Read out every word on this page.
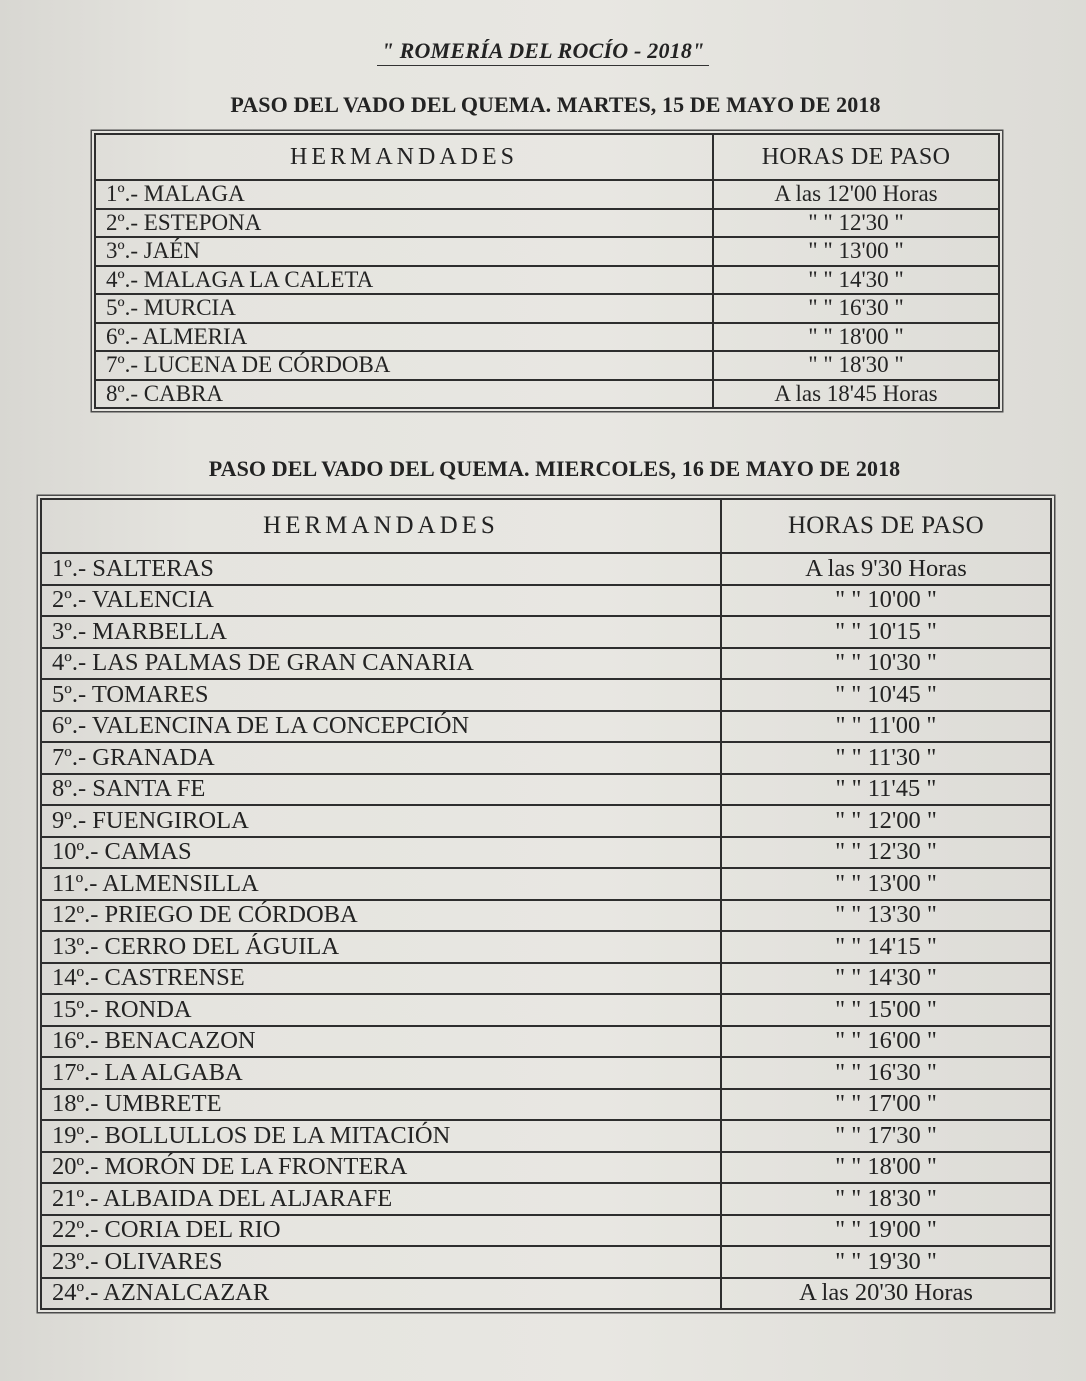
" ROMERÍA DEL ROCÍO - 2018"
PASO DEL VADO DEL QUEMA. MARTES, 15 DE MAYO DE 2018
HERMANDADES	HORAS DE PASO
1º.- MALAGA	A las 12'00 Horas
2º.- ESTEPONA	" " 12'30 "
3º.- JAÉN	" " 13'00 "
4º.- MALAGA LA CALETA	" " 14'30 "
5º.- MURCIA	" " 16'30 "
6º.- ALMERIA	" " 18'00 "
7º.- LUCENA DE CÓRDOBA	" " 18'30 "
8º.- CABRA	A las 18'45 Horas
PASO DEL VADO DEL QUEMA. MIERCOLES, 16 DE MAYO DE 2018
HERMANDADES	HORAS DE PASO
1º.- SALTERAS	A las 9'30 Horas
2º.- VALENCIA	" " 10'00 "
3º.- MARBELLA	" " 10'15 "
4º.- LAS PALMAS DE GRAN CANARIA	" " 10'30 "
5º.- TOMARES	" " 10'45 "
6º.- VALENCINA DE LA CONCEPCIÓN	" " 11'00 "
7º.- GRANADA	" " 11'30 "
8º.- SANTA FE	" " 11'45 "
9º.- FUENGIROLA	" " 12'00 "
10º.- CAMAS	" " 12'30 "
11º.- ALMENSILLA	" " 13'00 "
12º.- PRIEGO DE CÓRDOBA	" " 13'30 "
13º.- CERRO DEL ÁGUILA	" " 14'15 "
14º.- CASTRENSE	" " 14'30 "
15º.- RONDA	" " 15'00 "
16º.- BENACAZON	" " 16'00 "
17º.- LA ALGABA	" " 16'30 "
18º.- UMBRETE	" " 17'00 "
19º.- BOLLULLOS DE LA MITACIÓN	" " 17'30 "
20º.- MORÓN DE LA FRONTERA	" " 18'00 "
21º.- ALBAIDA DEL ALJARAFE	" " 18'30 "
22º.- CORIA DEL RIO	" " 19'00 "
23º.- OLIVARES	" " 19'30 "
24º.- AZNALCAZAR	A las 20'30 Horas
